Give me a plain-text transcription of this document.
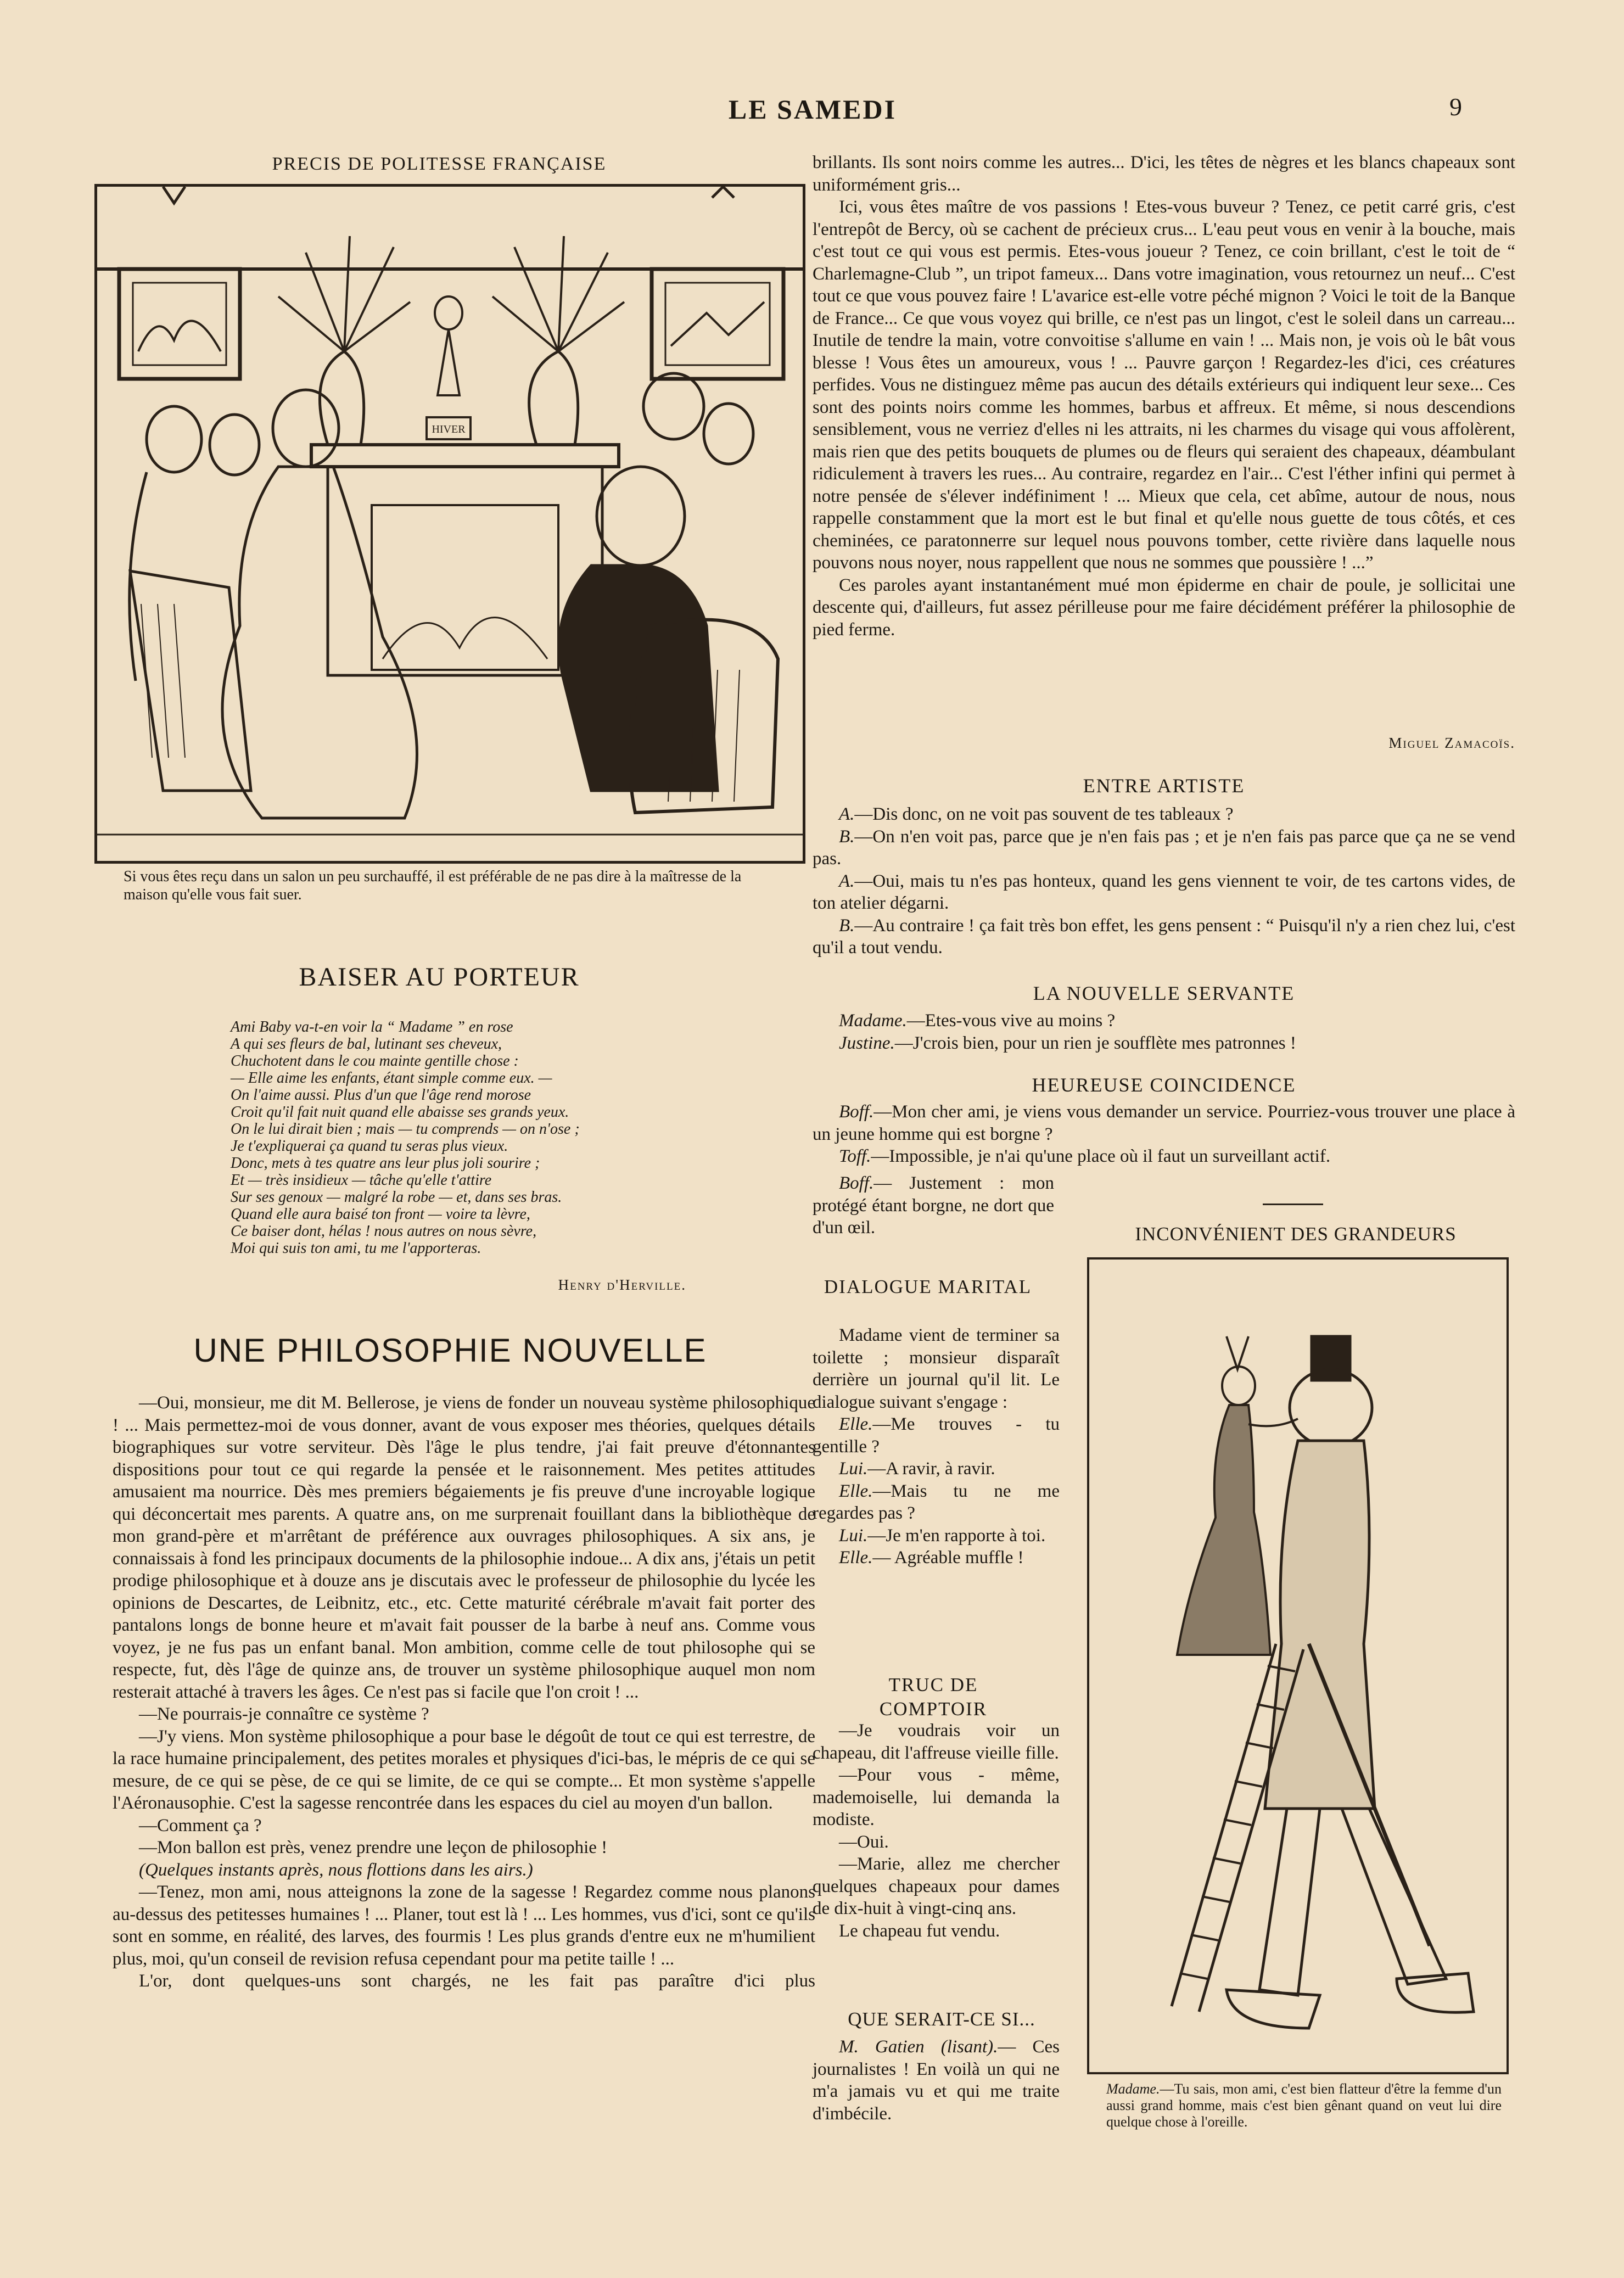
LE SAMEDI	9
PRECIS DE POLITESSE FRANÇAISE
HIVER
Si vous êtes reçu dans un salon un peu surchauffé, il est préférable de ne pas dire à la maîtresse de la maison qu'elle vous fait suer.
BAISER AU PORTEUR
Ami Baby va-t-en voir la “ Madame ” en rose
A qui ses fleurs de bal, lutinant ses cheveux,
Chuchotent dans le cou mainte gentille chose :
— Elle aime les enfants, étant simple comme eux. —
On l'aime aussi. Plus d'un que l'âge rend morose
Croit qu'il fait nuit quand elle abaisse ses grands yeux.
On le lui dirait bien ; mais — tu comprends — on n'ose ;
Je t'expliquerai ça quand tu seras plus vieux.
Donc, mets à tes quatre ans leur plus joli sourire ;
Et — très insidieux — tâche qu'elle t'attire
Sur ses genoux — malgré la robe — et, dans ses bras.
Quand elle aura baisé ton front — voire ta lèvre,
Ce baiser dont, hélas ! nous autres on nous sèvre,
Moi qui suis ton ami, tu me l'apporteras.
Henry d'Herville.
UNE PHILOSOPHIE NOUVELLE

—Oui, monsieur, me dit M. Bellerose, je viens de fonder un nouveau système philosophique ! ... Mais permettez-moi de vous donner, avant de vous exposer mes théories, quelques détails biographiques sur votre serviteur. Dès l'âge le plus tendre, j'ai fait preuve d'étonnantes dispositions pour tout ce qui regarde la pensée et le raisonnement. Mes petites attitudes amusaient ma nourrice. Dès mes premiers bégaiements je fis preuve d'une incroyable logique qui déconcertait mes parents. A quatre ans, on me surprenait fouillant dans la bibliothèque de mon grand-père et m'arrêtant de préférence aux ouvrages philosophiques. A six ans, je connaissais à fond les principaux documents de la philosophie indoue... A dix ans, j'étais un petit prodige philosophique et à douze ans je discutais avec le professeur de philosophie du lycée les opinions de Descartes, de Leibnitz, etc., etc. Cette maturité cérébrale m'avait fait porter des pantalons longs de bonne heure et m'avait fait pousser de la barbe à neuf ans. Comme vous voyez, je ne fus pas un enfant banal. Mon ambition, comme celle de tout philosophe qui se respecte, fut, dès l'âge de quinze ans, de trouver un système philosophique auquel mon nom resterait attaché à travers les âges. Ce n'est pas si facile que l'on croit ! ...

—Ne pourrais-je connaître ce système ?

—J'y viens. Mon système philosophique a pour base le dégoût de tout ce qui est terrestre, de la race humaine principalement, des petites morales et physiques d'ici-bas, le mépris de ce qui se mesure, de ce qui se pèse, de ce qui se limite, de ce qui se compte... Et mon système s'appelle l'Aéronausophie. C'est la sagesse rencontrée dans les espaces du ciel au moyen d'un ballon.

—Comment ça ?

—Mon ballon est près, venez prendre une leçon de philosophie !

(Quelques instants après, nous flottions dans les airs.)

—Tenez, mon ami, nous atteignons la zone de la sagesse ! Regardez comme nous planons au-dessus des petitesses humaines ! ... Planer, tout est là ! ... Les hommes, vus d'ici, sont ce qu'ils sont en somme, en réalité, des larves, des fourmis ! Les plus grands d'entre eux ne m'humilient plus, moi, qu'un conseil de revision refusa cependant pour ma petite taille ! ...

L'or, dont quelques-uns sont chargés, ne les fait pas paraître d'ici plus

brillants. Ils sont noirs comme les autres... D'ici, les têtes de nègres et les blancs chapeaux sont uniformément gris...

Ici, vous êtes maître de vos passions ! Etes-vous buveur ? Tenez, ce petit carré gris, c'est l'entrepôt de Bercy, où se cachent de précieux crus... L'eau peut vous en venir à la bouche, mais c'est tout ce qui vous est permis. Etes-vous joueur ? Tenez, ce coin brillant, c'est le toit de “ Charlemagne-Club ”, un tripot fameux... Dans votre imagination, vous retournez un neuf... C'est tout ce que vous pouvez faire ! L'avarice est-elle votre péché mignon ? Voici le toit de la Banque de France... Ce que vous voyez qui brille, ce n'est pas un lingot, c'est le soleil dans un carreau... Inutile de tendre la main, votre convoitise s'allume en vain ! ... Mais non, je vois où le bât vous blesse ! Vous êtes un amoureux, vous ! ... Pauvre garçon ! Regardez-les d'ici, ces créatures perfides. Vous ne distinguez même pas aucun des détails extérieurs qui indiquent leur sexe... Ces sont des points noirs comme les hommes, barbus et affreux. Et même, si nous descendions sensiblement, vous ne verriez d'elles ni les attraits, ni les charmes du visage qui vous affolèrent, mais rien que des petits bouquets de plumes ou de fleurs qui seraient des chapeaux, déambulant ridiculement à travers les rues... Au contraire, regardez en l'air... C'est l'éther infini qui permet à notre pensée de s'élever indéfiniment ! ... Mieux que cela, cet abîme, autour de nous, nous rappelle constamment que la mort est le but final et qu'elle nous guette de tous côtés, et ces cheminées, ce paratonnerre sur lequel nous pouvons tomber, cette rivière dans laquelle nous pouvons nous noyer, nous rappellent que nous ne sommes que poussière ! ...”

Ces paroles ayant instantanément mué mon épiderme en chair de poule, je sollicitai une descente qui, d'ailleurs, fut assez périlleuse pour me faire décidément préférer la philosophie de pied ferme.

Miguel Zamacoïs.
ENTRE ARTISTE

A.—Dis donc, on ne voit pas souvent de tes tableaux ?

B.—On n'en voit pas, parce que je n'en fais pas ; et je n'en fais pas parce que ça ne se vend pas.

A.—Oui, mais tu n'es pas honteux, quand les gens viennent te voir, de tes cartons vides, de ton atelier dégarni.

B.—Au contraire ! ça fait très bon effet, les gens pensent : “ Puisqu'il n'y a rien chez lui, c'est qu'il a tout vendu.

LA NOUVELLE SERVANTE

Madame.—Etes-vous vive au moins ?

Justine.—J'crois bien, pour un rien je soufflète mes patronnes !

HEUREUSE COINCIDENCE

Boff.—Mon cher ami, je viens vous demander un service. Pourriez-vous trouver une place à un jeune homme qui est borgne ?

Toff.—Impossible, je n'ai qu'une place où il faut un surveillant actif.

Boff.— Justement : mon protégé étant borgne, ne dort que d'un œil.

DIALOGUE MARITAL

Madame vient de terminer sa toilette ; monsieur disparaît derrière un journal qu'il lit. Le dialogue suivant s'engage :

Elle.—Me trouves - tu gentille ?

Lui.—A ravir, à ravir.

Elle.—Mais tu ne me regardes pas ?

Lui.—Je m'en rapporte à toi.

Elle.— Agréable muffle !

TRUC DE COMPTOIR

—Je voudrais voir un chapeau, dit l'affreuse vieille fille.

—Pour vous - même, mademoiselle, lui demanda la modiste.

—Oui.

—Marie, allez me chercher quelques chapeaux pour dames de dix-huit à vingt-cinq ans.

Le chapeau fut vendu.

QUE SERAIT-CE SI...

M. Gatien (lisant).— Ces journalistes ! En voilà un qui ne m'a jamais vu et qui me traite d'imbécile.

INCONVÉNIENT DES GRANDEURS
Madame.—Tu sais, mon ami, c'est bien flatteur d'être la femme d'un aussi grand homme, mais c'est bien gênant quand on veut lui dire quelque chose à l'oreille.
